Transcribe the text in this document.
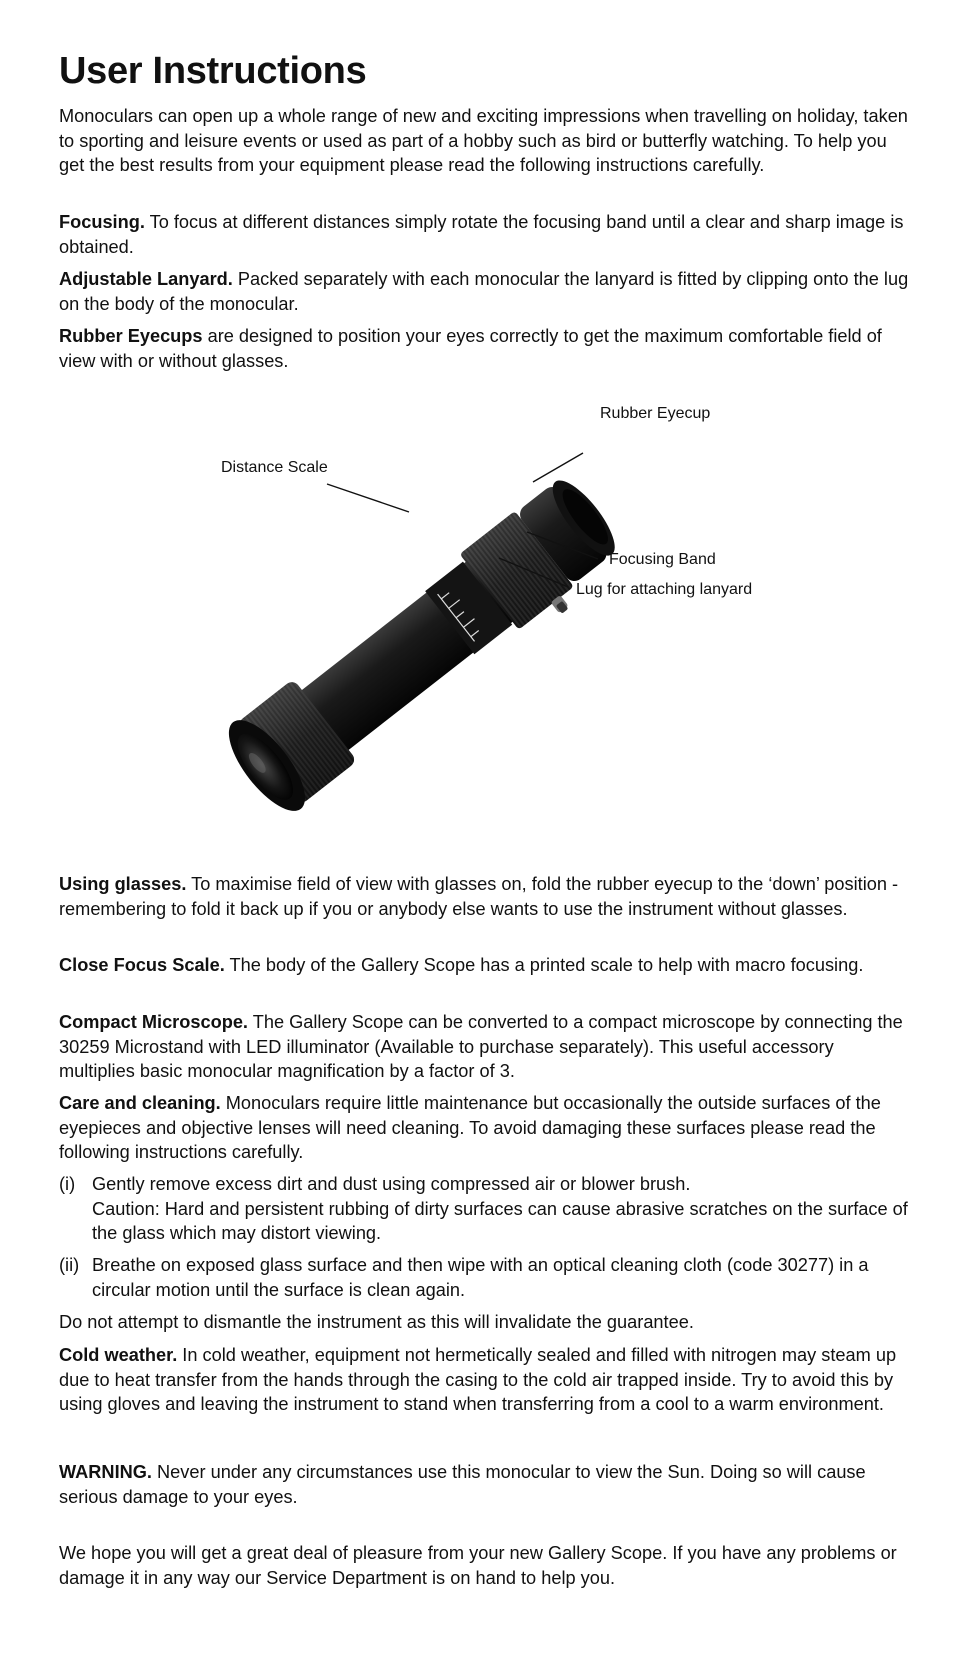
User Instructions

Monoculars can open up a whole range of new and exciting impressions when travelling on holiday, taken to sporting and leisure events or used as part of a hobby such as bird or butterfly watching. To help you get the best results from your equipment please read the following instructions carefully.

Focusing. To focus at different distances simply rotate the focusing band until a clear and sharp image is obtained.

Adjustable Lanyard. Packed separately with each monocular the lanyard is fitted by clipping onto the lug on the body of the monocular.

Rubber Eyecups are designed to position your eyes correctly to get the maximum comfortable field of view with or without glasses.

Rubber Eyecup
Distance Scale
Focusing Band
Lug for attaching lanyard

Using glasses. To maximise field of view with glasses on, fold the rubber eyecup to the ‘down’ position - remembering to fold it back up if you or anybody else wants to use the instrument without glasses.

Close Focus Scale. The body of the Gallery Scope has a printed scale to help with macro focusing.

Compact Microscope. The Gallery Scope can be converted to a compact microscope by connecting the 30259 Microstand with LED illuminator (Available to purchase separately). This useful accessory multiplies basic monocular magnification by a factor of 3.

Care and cleaning. Monoculars require little maintenance but occasionally the outside surfaces of the eyepieces and objective lenses will need cleaning. To avoid damaging these surfaces please read the following instructions carefully.

(i) Gently remove excess dirt and dust using compressed air or blower brush.
Caution: Hard and persistent rubbing of dirty surfaces can cause abrasive scratches on the surface of the glass which may distort viewing.
(ii) Breathe on exposed glass surface and then wipe with an optical cleaning cloth (code 30277) in a circular motion until the surface is clean again.

Do not attempt to dismantle the instrument as this will invalidate the guarantee.

Cold weather. In cold weather, equipment not hermetically sealed and filled with nitrogen may steam up due to heat transfer from the hands through the casing to the cold air trapped inside. Try to avoid this by using gloves and leaving the instrument to stand when transferring from a cool to a warm environment.

WARNING. Never under any circumstances use this monocular to view the Sun. Doing so will cause serious damage to your eyes.

We hope you will get a great deal of pleasure from your new Gallery Scope. If you have any problems or damage it in any way our Service Department is on hand to help you.
